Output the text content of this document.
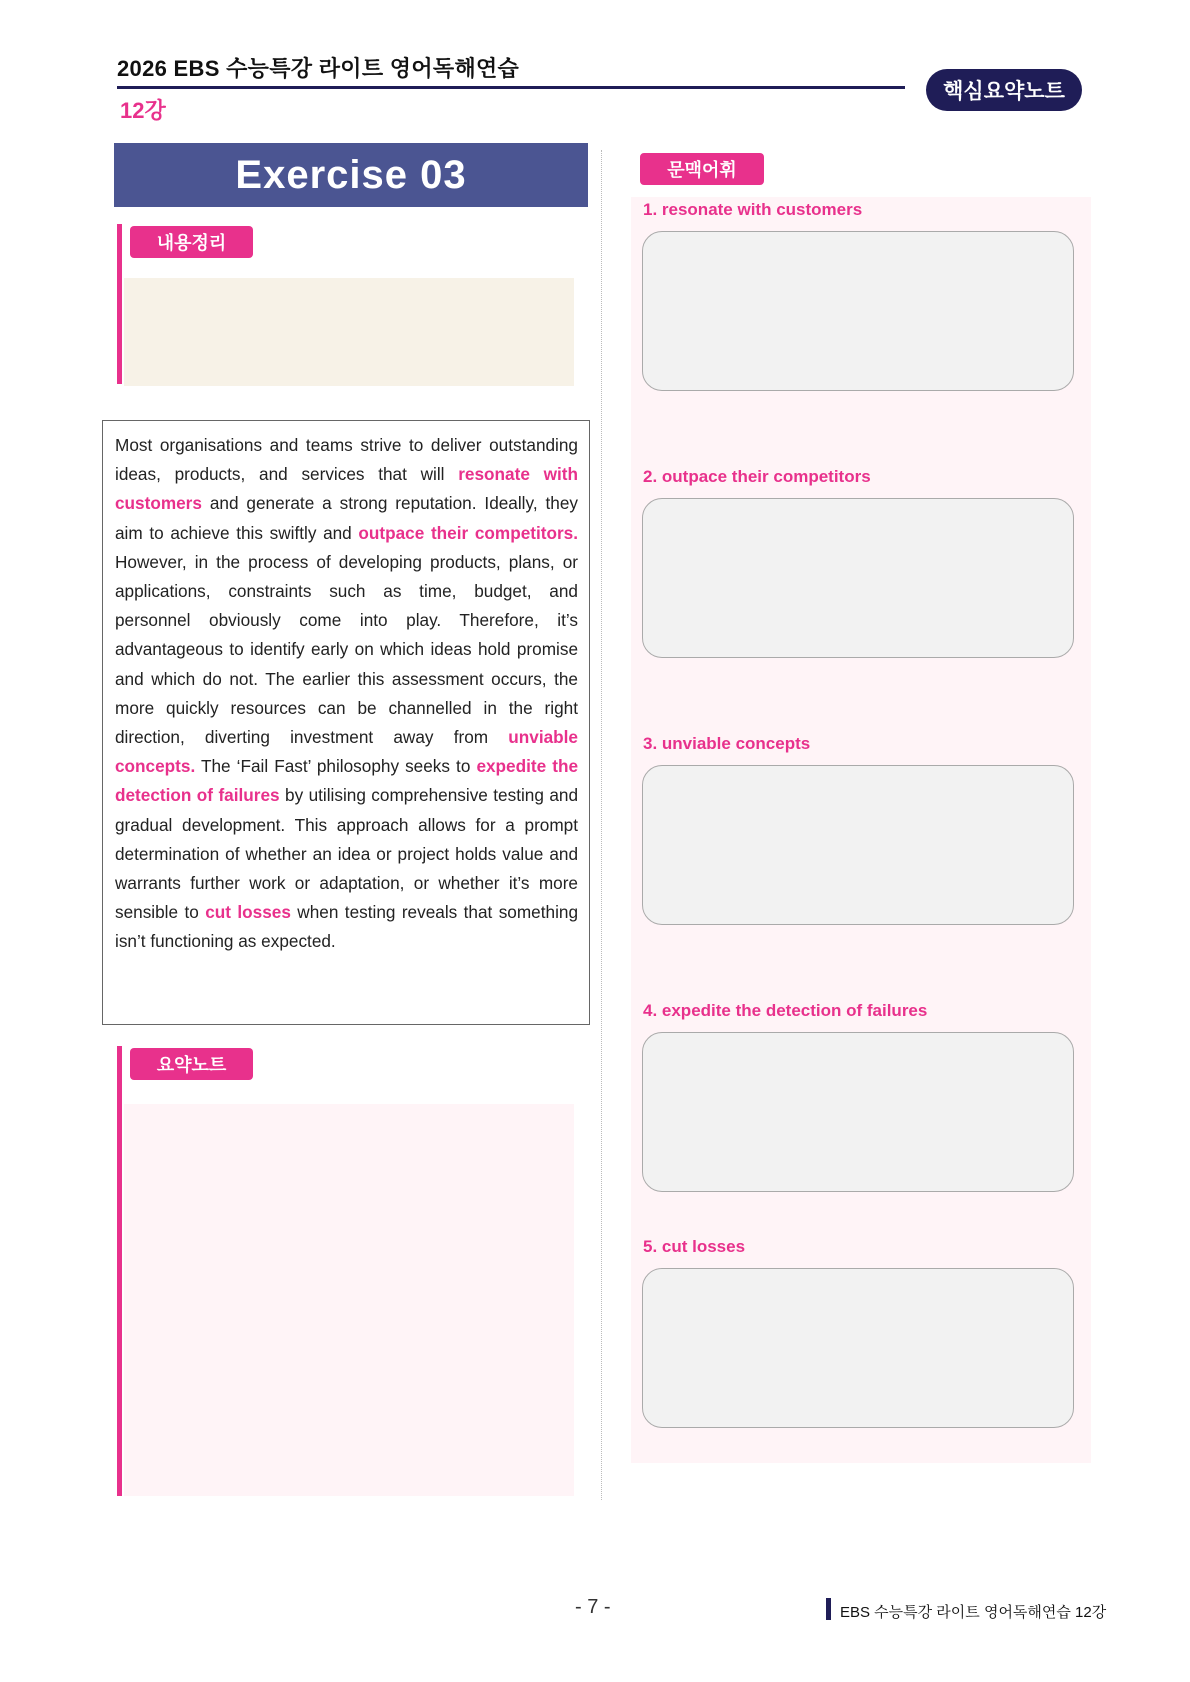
2026 EBS 수능특강 라이트 영어독해연습
12강
핵심요약노트
Exercise 03
내용정리
Most organisations and teams strive to deliver outstanding ideas, products, and services that will resonate with customers and generate a strong reputation. Ideally, they aim to achieve this swiftly and outpace their competitors. However, in the process of developing products, plans, or applications, constraints such as time, budget, and personnel obviously come into play. Therefore, it’s advantageous to identify early on which ideas hold promise and which do not. The earlier this assessment occurs, the more quickly resources can be channelled in the right direction, diverting investment away from unviable concepts. The ‘Fail Fast’ philosophy seeks to expedite the detection of failures by utilising comprehensive testing and gradual development. This approach allows for a prompt determination of whether an idea or project holds value and warrants further work or adaptation, or whether it’s more sensible to cut losses when testing reveals that something isn’t functioning as expected.
요약노트
문맥어휘
1. resonate with customers
2. outpace their competitors
3. unviable concepts
4. expedite the detection of failures
5. cut losses
- 7 -	EBS 수능특강 라이트 영어독해연습 12강
